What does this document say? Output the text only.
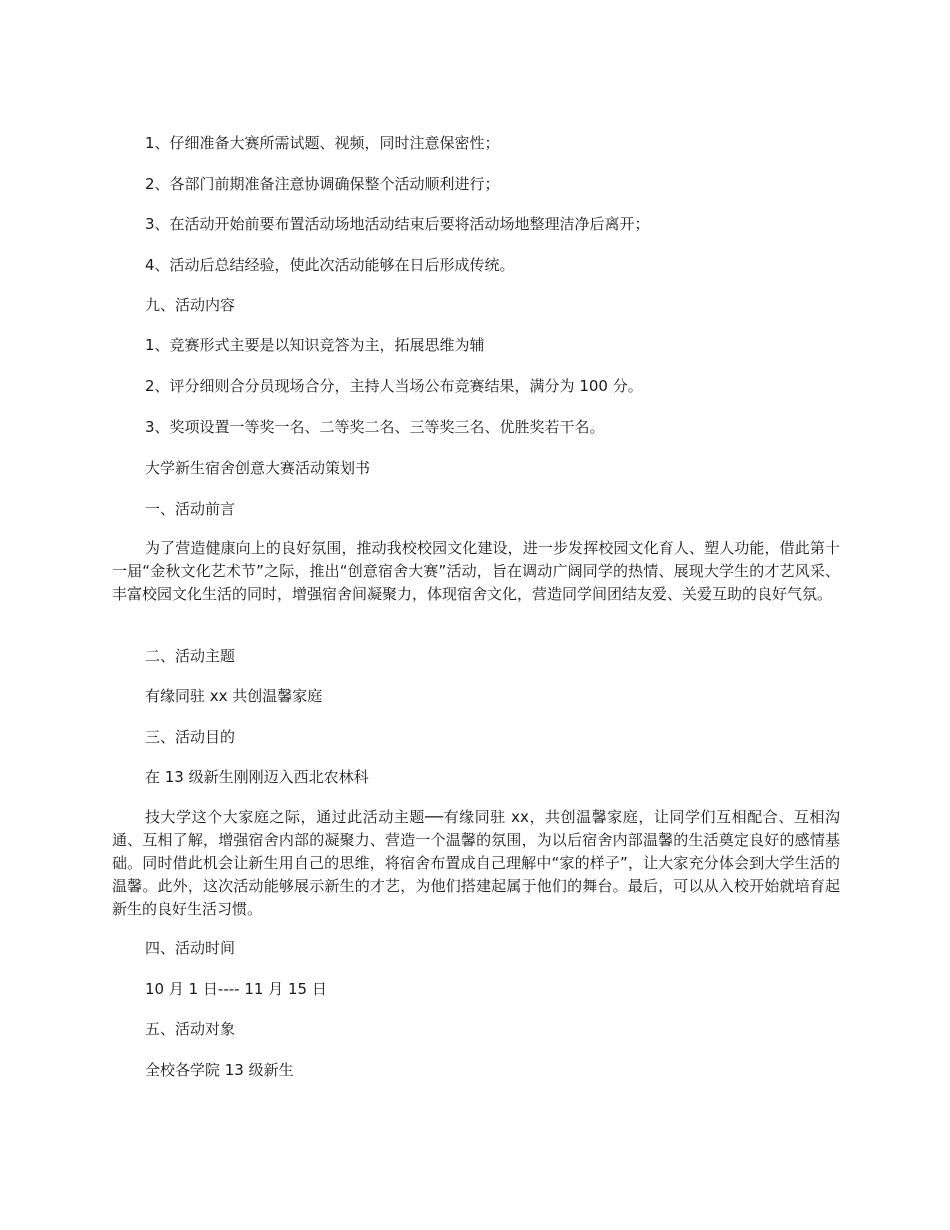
1、仔细准备大赛所需试题、视频，同时注意保密性；
2、各部门前期准备注意协调确保整个活动顺利进行；
3、在活动开始前要布置活动场地活动结束后要将活动场地整理洁净后离开；
4、活动后总结经验，使此次活动能够在日后形成传统。
九、活动内容
1、竞赛形式主要是以知识竞答为主，拓展思维为辅
2、评分细则合分员现场合分，主持人当场公布竞赛结果，满分为 100 分。
3、奖项设置一等奖一名、二等奖二名、三等奖三名、优胜奖若干名。
大学新生宿舍创意大赛活动策划书
一、活动前言
为了营造健康向上的良好氛围，推动我校校园文化建设，进一步发挥校园文化育人、塑人功能，借此第十一届“金秋文化艺术节”之际，推出“创意宿舍大赛”活动，旨在调动广阔同学的热情、展现大学生的才艺风采、丰富校园文化生活的同时，增强宿舍间凝聚力，体现宿舍文化，营造同学间团结友爱、关爱互助的良好气氛。
二、活动主题
有缘同驻 xx 共创温馨家庭
三、活动目的
在 13 级新生刚刚迈入西北农林科
技大学这个大家庭之际，通过此活动主题──有缘同驻 xx，共创温馨家庭，让同学们互相配合、互相沟通、互相了解，增强宿舍内部的凝聚力、营造一个温馨的氛围，为以后宿舍内部温馨的生活奠定良好的感情基础。同时借此机会让新生用自己的思维，将宿舍布置成自己理解中“家的样子”，让大家充分体会到大学生活的温馨。此外，这次活动能够展示新生的才艺，为他们搭建起属于他们的舞台。最后，可以从入校开始就培育起新生的良好生活习惯。
四、活动时间
10 月 1 日---- 11 月 15 日
五、活动对象
全校各学院 13 级新生
